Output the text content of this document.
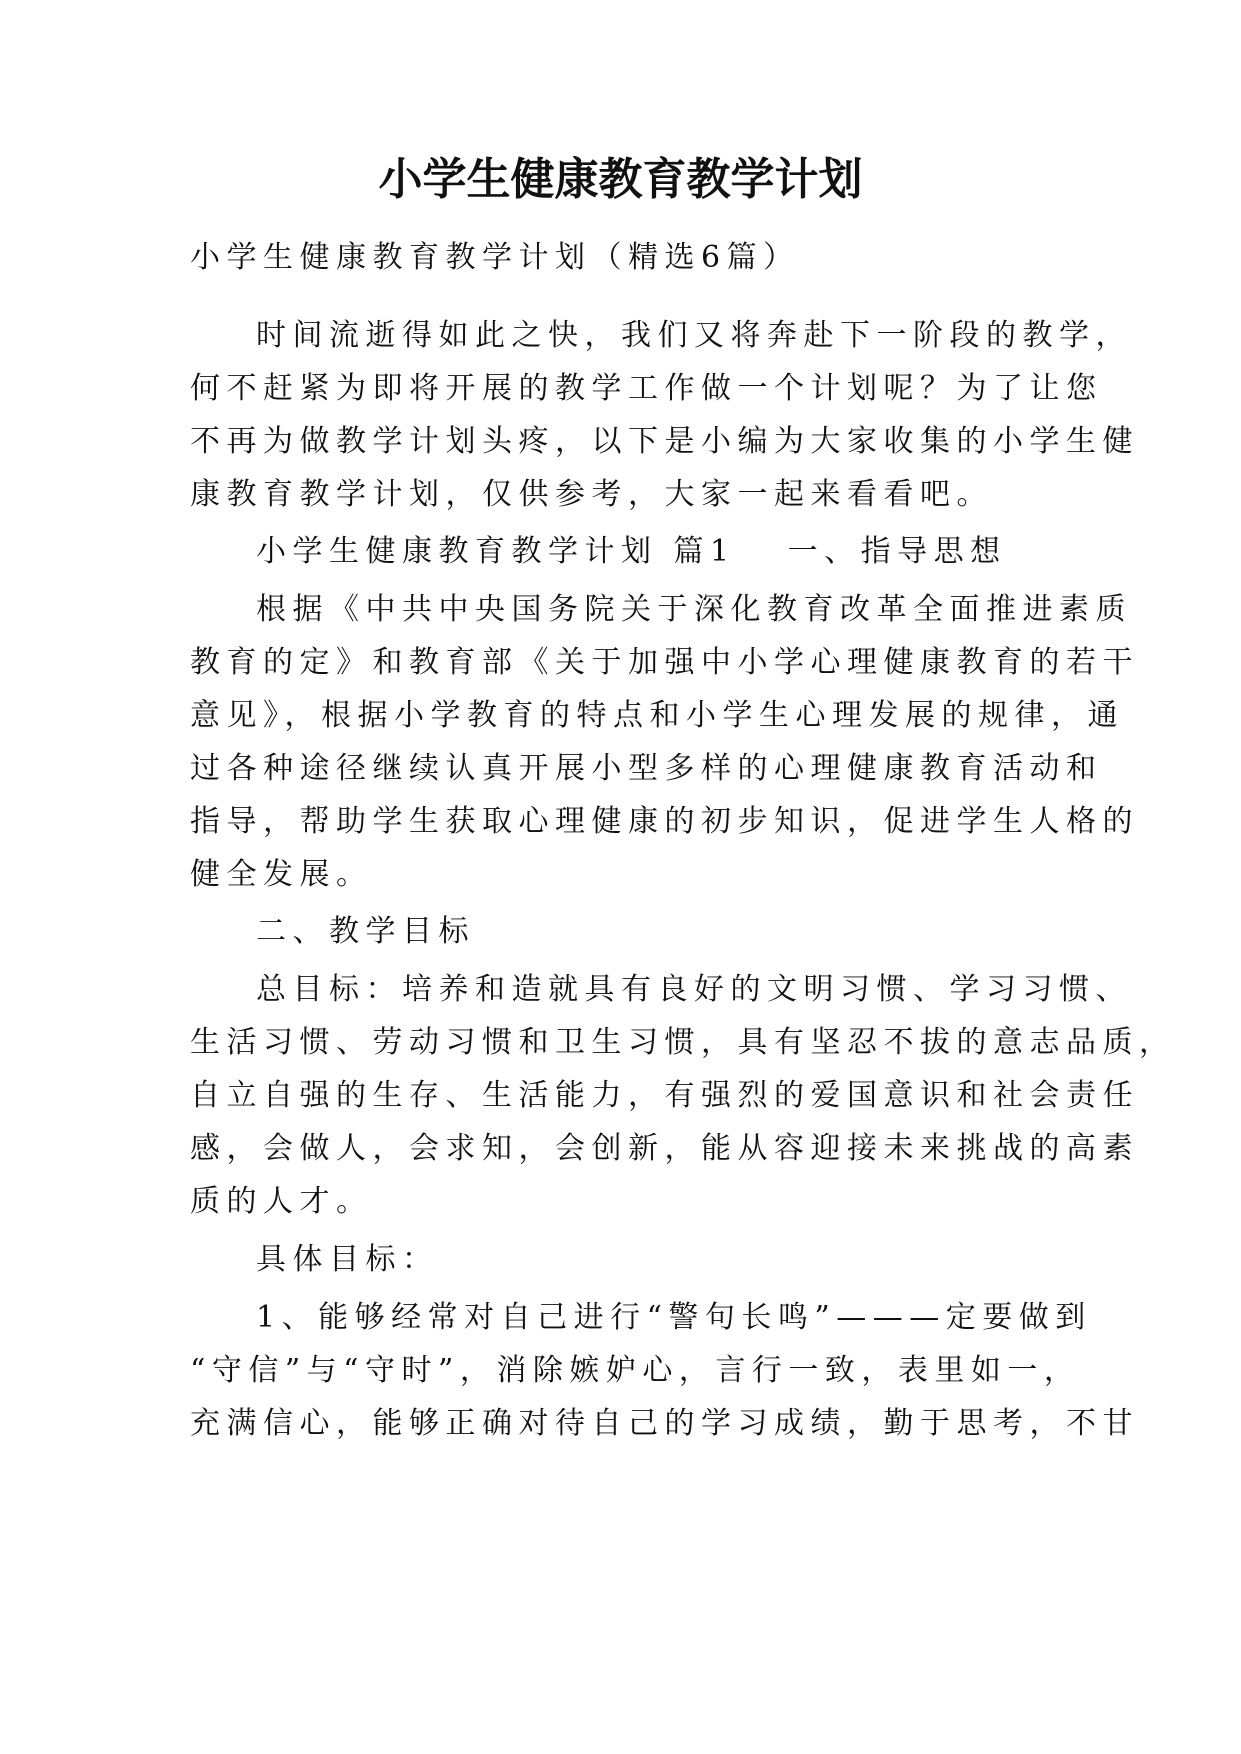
小学生健康教育教学计划
小学生健康教育教学计划（精选6篇）
时间流逝得如此之快，我们又将奔赴下一阶段的教学，
何不赶紧为即将开展的教学工作做一个计划呢？为了让您
不再为做教学计划头疼，以下是小编为大家收集的小学生健
康教育教学计划，仅供参考，大家一起来看看吧。
小学生健康教育教学计划 篇1 一、指导思想
根据《中共中央国务院关于深化教育改革全面推进素质
教育的定》和教育部《关于加强中小学心理健康教育的若干
意见》，根据小学教育的特点和小学生心理发展的规律，通
过各种途径继续认真开展小型多样的心理健康教育活动和
指导，帮助学生获取心理健康的初步知识，促进学生人格的
健全发展。
二、教学目标
总目标：培养和造就具有良好的文明习惯、学习习惯、
生活习惯、劳动习惯和卫生习惯，具有坚忍不拔的意志品质，
自立自强的生存、生活能力，有强烈的爱国意识和社会责任
感，会做人，会求知，会创新，能从容迎接未来挑战的高素
质的人才。
具体目标：
1、能够经常对自己进行“警句长鸣”———定要做到
“守信”与“守时”，消除嫉妒心，言行一致，表里如一，
充满信心，能够正确对待自己的学习成绩，勤于思考，不甘
